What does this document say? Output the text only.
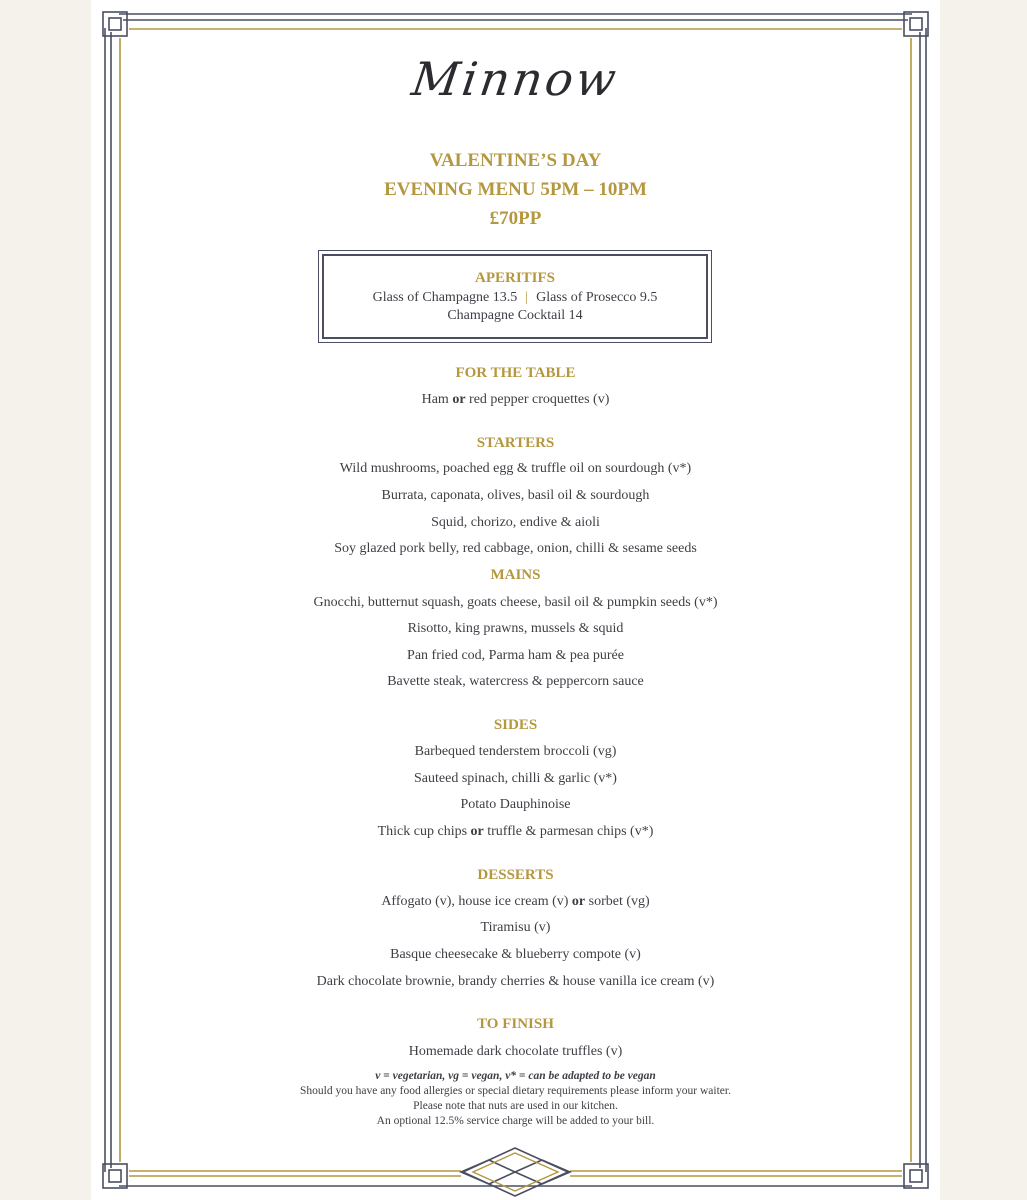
Minnow
VALENTINE’S DAY
EVENING MENU 5PM – 10PM
£70PP
APERITIFS
Glass of Champagne 13.5 | Glass of Prosecco 9.5
Champagne Cocktail 14
FOR THE TABLE
Ham or red pepper croquettes (v)
STARTERS
Wild mushrooms, poached egg & truffle oil on sourdough (v*)
Burrata, caponata, olives, basil oil & sourdough
Squid, chorizo, endive & aioli
Soy glazed pork belly, red cabbage, onion, chilli & sesame seeds
MAINS
Gnocchi, butternut squash, goats cheese, basil oil & pumpkin seeds (v*)
Risotto, king prawns, mussels & squid
Pan fried cod, Parma ham & pea purée
Bavette steak, watercress & peppercorn sauce
SIDES
Barbequed tenderstem broccoli (vg)
Sauteed spinach, chilli & garlic (v*)
Potato Dauphinoise
Thick cup chips or truffle & parmesan chips (v*)
DESSERTS
Affogato (v), house ice cream (v) or sorbet (vg)
Tiramisu (v)
Basque cheesecake & blueberry compote (v)
Dark chocolate brownie, brandy cherries & house vanilla ice cream (v)
TO FINISH
Homemade dark chocolate truffles (v)
v = vegetarian, vg = vegan, v* = can be adapted to be vegan
Should you have any food allergies or special dietary requirements please inform your waiter.
Please note that nuts are used in our kitchen.
An optional 12.5% service charge will be added to your bill.
